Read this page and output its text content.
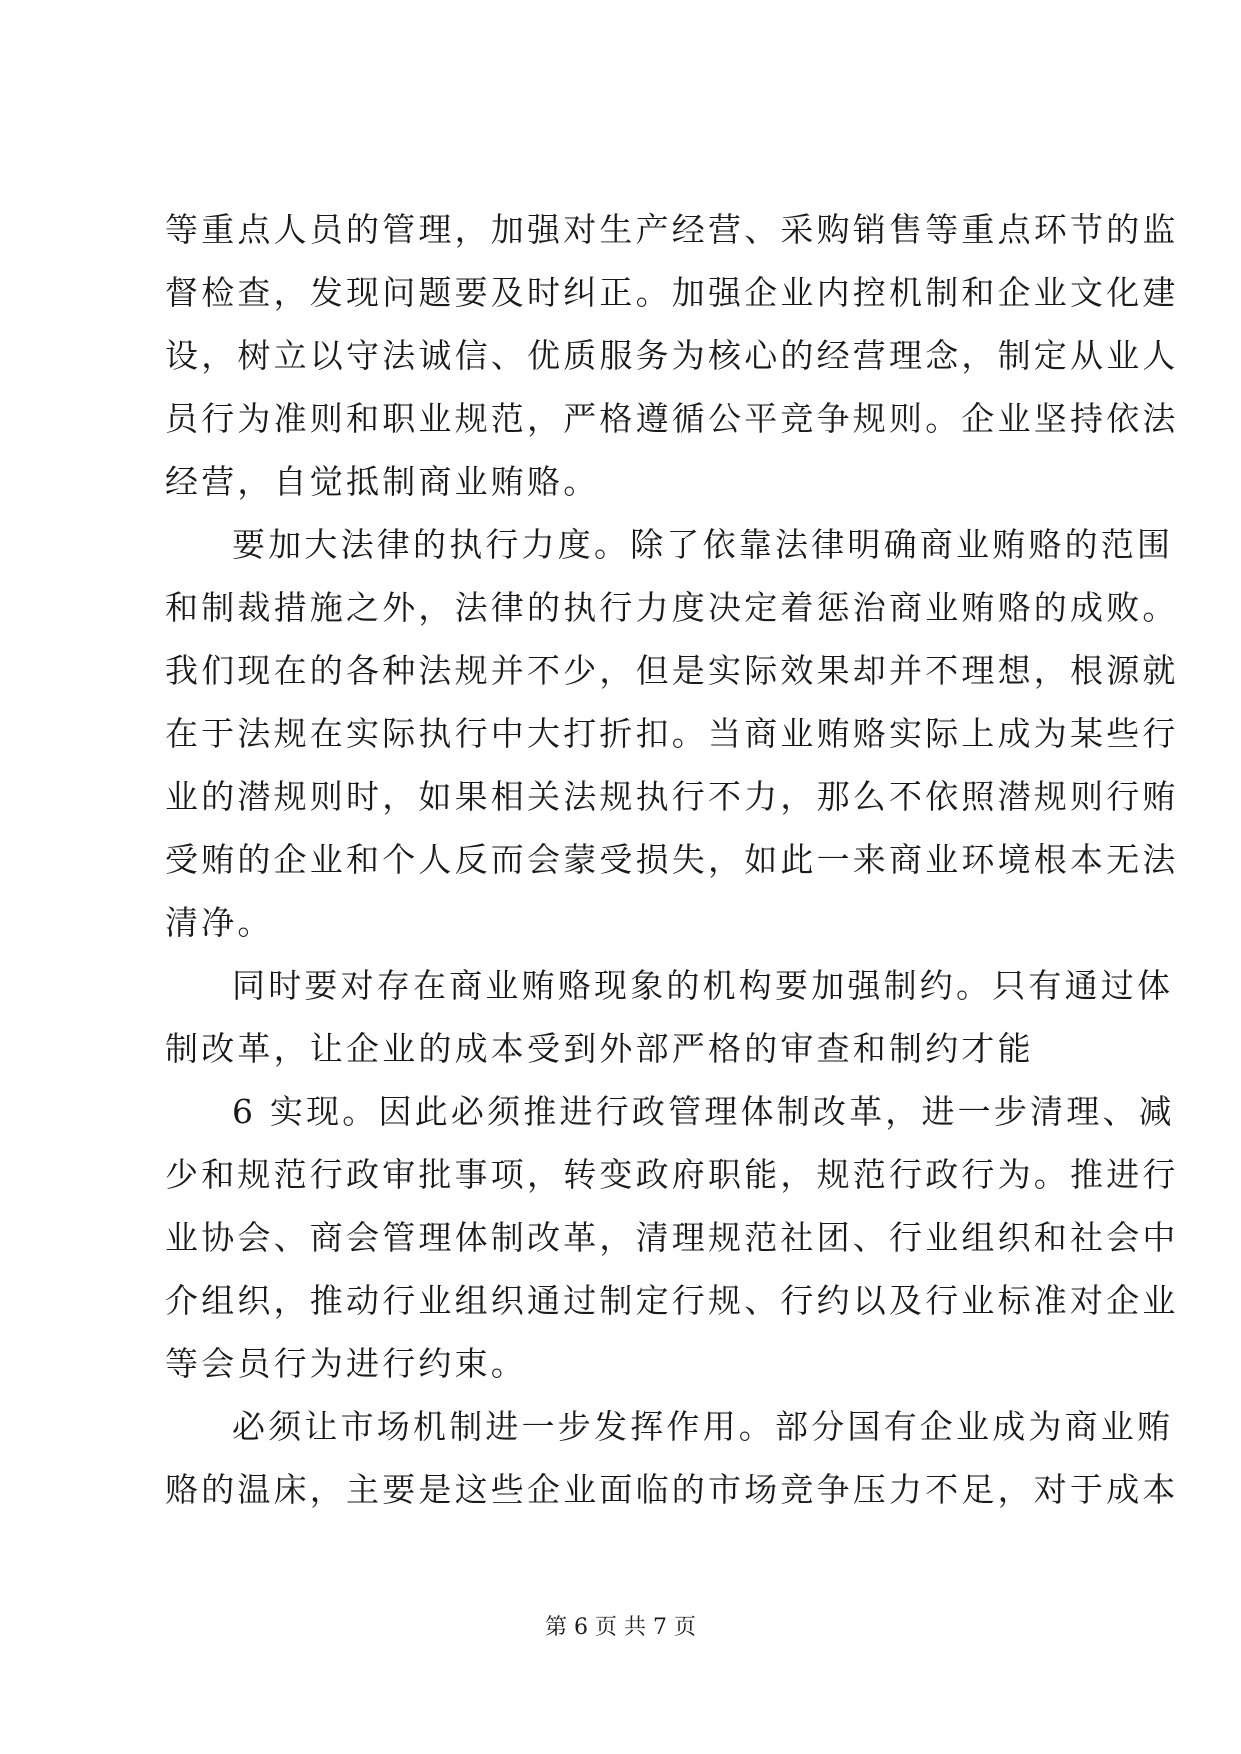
等重点人员的管理，加强对生产经营、采购销售等重点环节的监
督检查，发现问题要及时纠正。加强企业内控机制和企业文化建
设，树立以守法诚信、优质服务为核心的经营理念，制定从业人
员行为准则和职业规范，严格遵循公平竞争规则。企业坚持依法
经营，自觉抵制商业贿赂。
要加大法律的执行力度。除了依靠法律明确商业贿赂的范围
和制裁措施之外，法律的执行力度决定着惩治商业贿赂的成败。
我们现在的各种法规并不少，但是实际效果却并不理想，根源就
在于法规在实际执行中大打折扣。当商业贿赂实际上成为某些行
业的潜规则时，如果相关法规执行不力，那么不依照潜规则行贿
受贿的企业和个人反而会蒙受损失，如此一来商业环境根本无法
清净。
同时要对存在商业贿赂现象的机构要加强制约。只有通过体
制改革，让企业的成本受到外部严格的审查和制约才能
6 实现。因此必须推进行政管理体制改革，进一步清理、减
少和规范行政审批事项，转变政府职能，规范行政行为。推进行
业协会、商会管理体制改革，清理规范社团、行业组织和社会中
介组织，推动行业组织通过制定行规、行约以及行业标准对企业
等会员行为进行约束。
必须让市场机制进一步发挥作用。部分国有企业成为商业贿
赂的温床，主要是这些企业面临的市场竞争压力不足，对于成本
第 6 页 共 7 页
